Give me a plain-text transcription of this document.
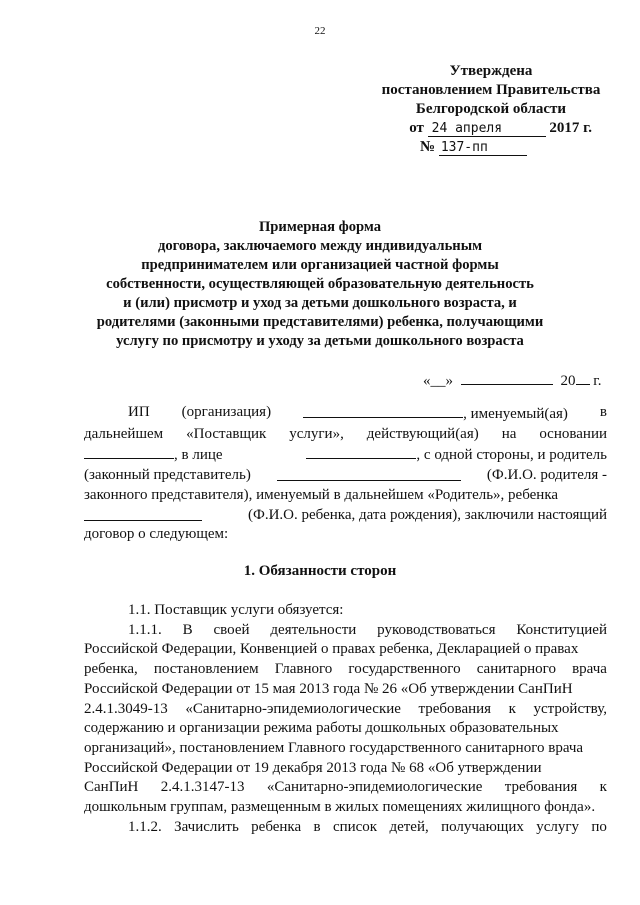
22
Утверждена
постановлением Правительства
Белгородской области
от 24 апреля	2017 г.
№ 137-пп
Примерная форма
договора, заключаемого между индивидуальным
предпринимателем или организацией частной формы
собственности, осуществляющей образовательную деятельность
и (или) присмотр и уход за детьми дошкольного возраста, и
родителями (законными представителями) ребенка, получающими
услугу по присмотру и уходу за детьми дошкольного возраста
«__»	20 г.
ИП (организация)	, именуемый(ая) в
дальнейшем «Поставщик услуги», действующий(ая) на основании
, в лице	, с одной стороны, и родитель
(законный представитель)	(Ф.И.О. родителя -
законного представителя), именуемый в дальнейшем «Родитель», ребенка
(Ф.И.О. ребенка, дата рождения), заключили настоящий
договор о следующем:
1. Обязанности сторон
1.1. Поставщик услуги обязуется:
1.1.1. В своей деятельности руководствоваться Конституцией
Российской Федерации, Конвенцией о правах ребенка, Декларацией о правах
ребенка, постановлением Главного государственного санитарного врача
Российской Федерации от 15 мая 2013 года № 26 «Об утверждении СанПиН
2.4.1.3049-13 «Санитарно-эпидемиологические требования к устройству,
содержанию и организации режима работы дошкольных образовательных
организаций», постановлением Главного государственного санитарного врача
Российской Федерации от 19 декабря 2013 года № 68 «Об утверждении
СанПиН 2.4.1.3147-13 «Санитарно-эпидемиологические требования к
дошкольным группам, размещенным в жилых помещениях жилищного фонда».
1.1.2. Зачислить ребенка в список детей, получающих услугу по
